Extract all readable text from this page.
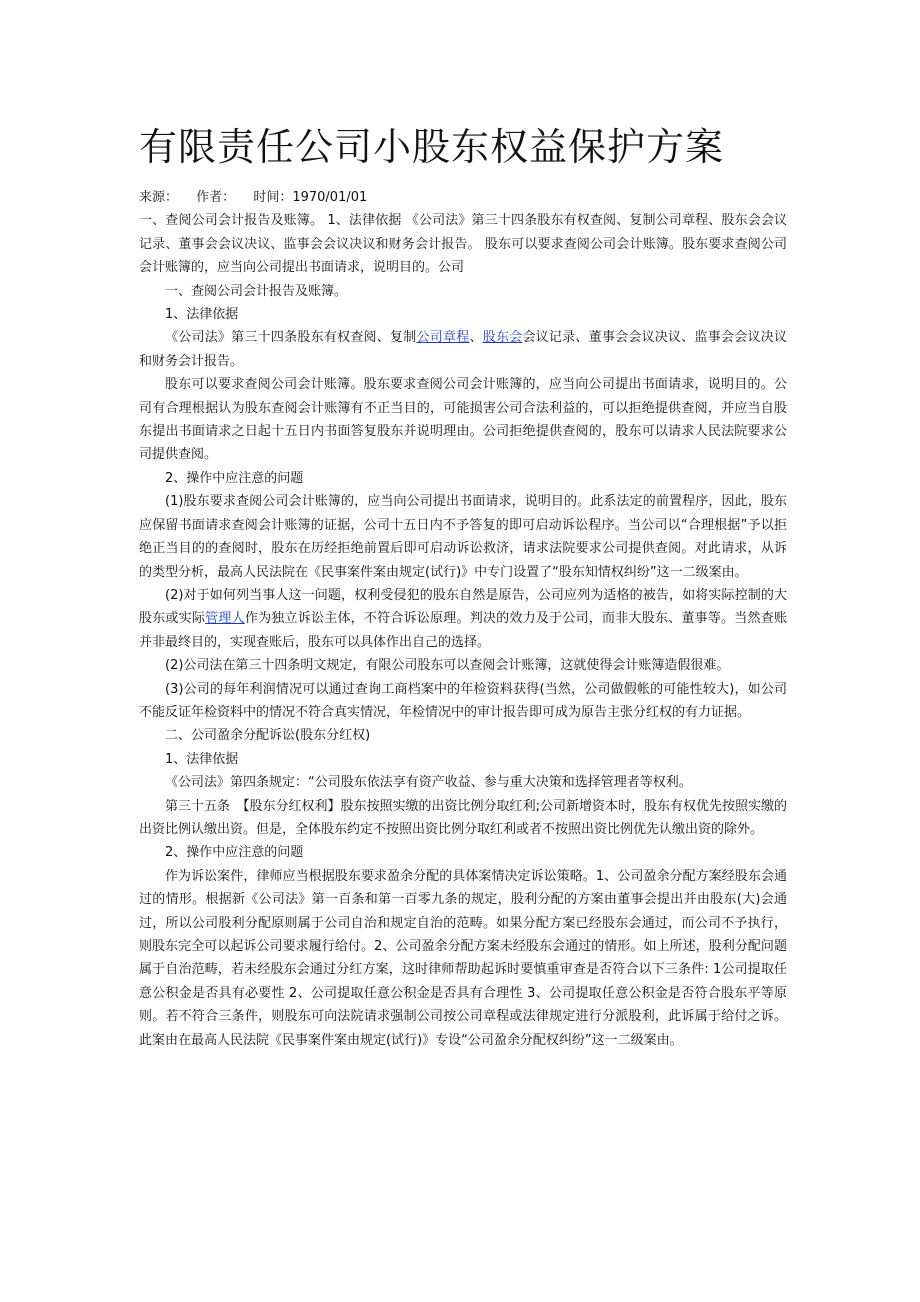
有限责任公司小股东权益保护方案

来源： 作者： 时间：1970/01/01

一、查阅公司会计报告及账簿。 1、法律依据 《公司法》第三十四条股东有权查阅、复制公司章程、股东会会议记录、董事会会议决议、监事会会议决议和财务会计报告。 股东可以要求查阅公司会计账簿。股东要求查阅公司会计账簿的，应当向公司提出书面请求，说明目的。公司

一、查阅公司会计报告及账簿。

1、法律依据

《公司法》第三十四条股东有权查阅、复制公司章程、股东会会议记录、董事会会议决议、监事会会议决议和财务会计报告。

股东可以要求查阅公司会计账簿。股东要求查阅公司会计账簿的，应当向公司提出书面请求，说明目的。公司有合理根据认为股东查阅会计账簿有不正当目的，可能损害公司合法利益的，可以拒绝提供查阅，并应当自股东提出书面请求之日起十五日内书面答复股东并说明理由。公司拒绝提供查阅的，股东可以请求人民法院要求公司提供查阅。

2、操作中应注意的问题

(1)股东要求查阅公司会计账簿的，应当向公司提出书面请求，说明目的。此系法定的前置程序，因此，股东应保留书面请求查阅会计账簿的证据，公司十五日内不予答复的即可启动诉讼程序。当公司以“合理根据”予以拒绝正当目的的查阅时，股东在历经拒绝前置后即可启动诉讼救济，请求法院要求公司提供查阅。对此请求，从诉的类型分析，最高人民法院在《民事案件案由规定(试行)》中专门设置了“股东知情权纠纷”这一二级案由。

(2)对于如何列当事人这一问题，权利受侵犯的股东自然是原告，公司应列为适格的被告，如将实际控制的大股东或实际管理人作为独立诉讼主体，不符合诉讼原理。判决的效力及于公司，而非大股东、董事等。当然查账并非最终目的，实现查账后，股东可以具体作出自己的选择。

(2)公司法在第三十四条明文规定，有限公司股东可以查阅会计账簿，这就使得会计账簿造假很难。

(3)公司的每年利润情况可以通过查询工商档案中的年检资料获得(当然，公司做假帐的可能性较大)，如公司不能反证年检资料中的情况不符合真实情况，年检情况中的审计报告即可成为原告主张分红权的有力证据。

二、公司盈余分配诉讼(股东分红权)

1、法律依据

《公司法》第四条规定：“公司股东依法享有资产收益、参与重大决策和选择管理者等权利。

第三十五条　【股东分红权利】股东按照实缴的出资比例分取红利;公司新增资本时，股东有权优先按照实缴的出资比例认缴出资。但是，全体股东约定不按照出资比例分取红利或者不按照出资比例优先认缴出资的除外。

2、操作中应注意的问题

作为诉讼案件，律师应当根据股东要求盈余分配的具体案情决定诉讼策略。1、公司盈余分配方案经股东会通过的情形。根据新《公司法》第一百条和第一百零九条的规定，股利分配的方案由董事会提出并由股东(大)会通过，所以公司股利分配原则属于公司自治和规定自治的范畴。如果分配方案已经股东会通过，而公司不予执行，则股东完全可以起诉公司要求履行给付。2、公司盈余分配方案未经股东会通过的情形。如上所述，股利分配问题属于自治范畴，若未经股东会通过分红方案，这时律师帮助起诉时要慎重审查是否符合以下三条件: 1公司提取任意公积金是否具有必要性 2、公司提取任意公积金是否具有合理性 3、公司提取任意公积金是否符合股东平等原则。若不符合三条件，则股东可向法院请求强制公司按公司章程或法律规定进行分派股利，此诉属于给付之诉。此案由在最高人民法院《民事案件案由规定(试行)》专设“公司盈余分配权纠纷”这一二级案由。
